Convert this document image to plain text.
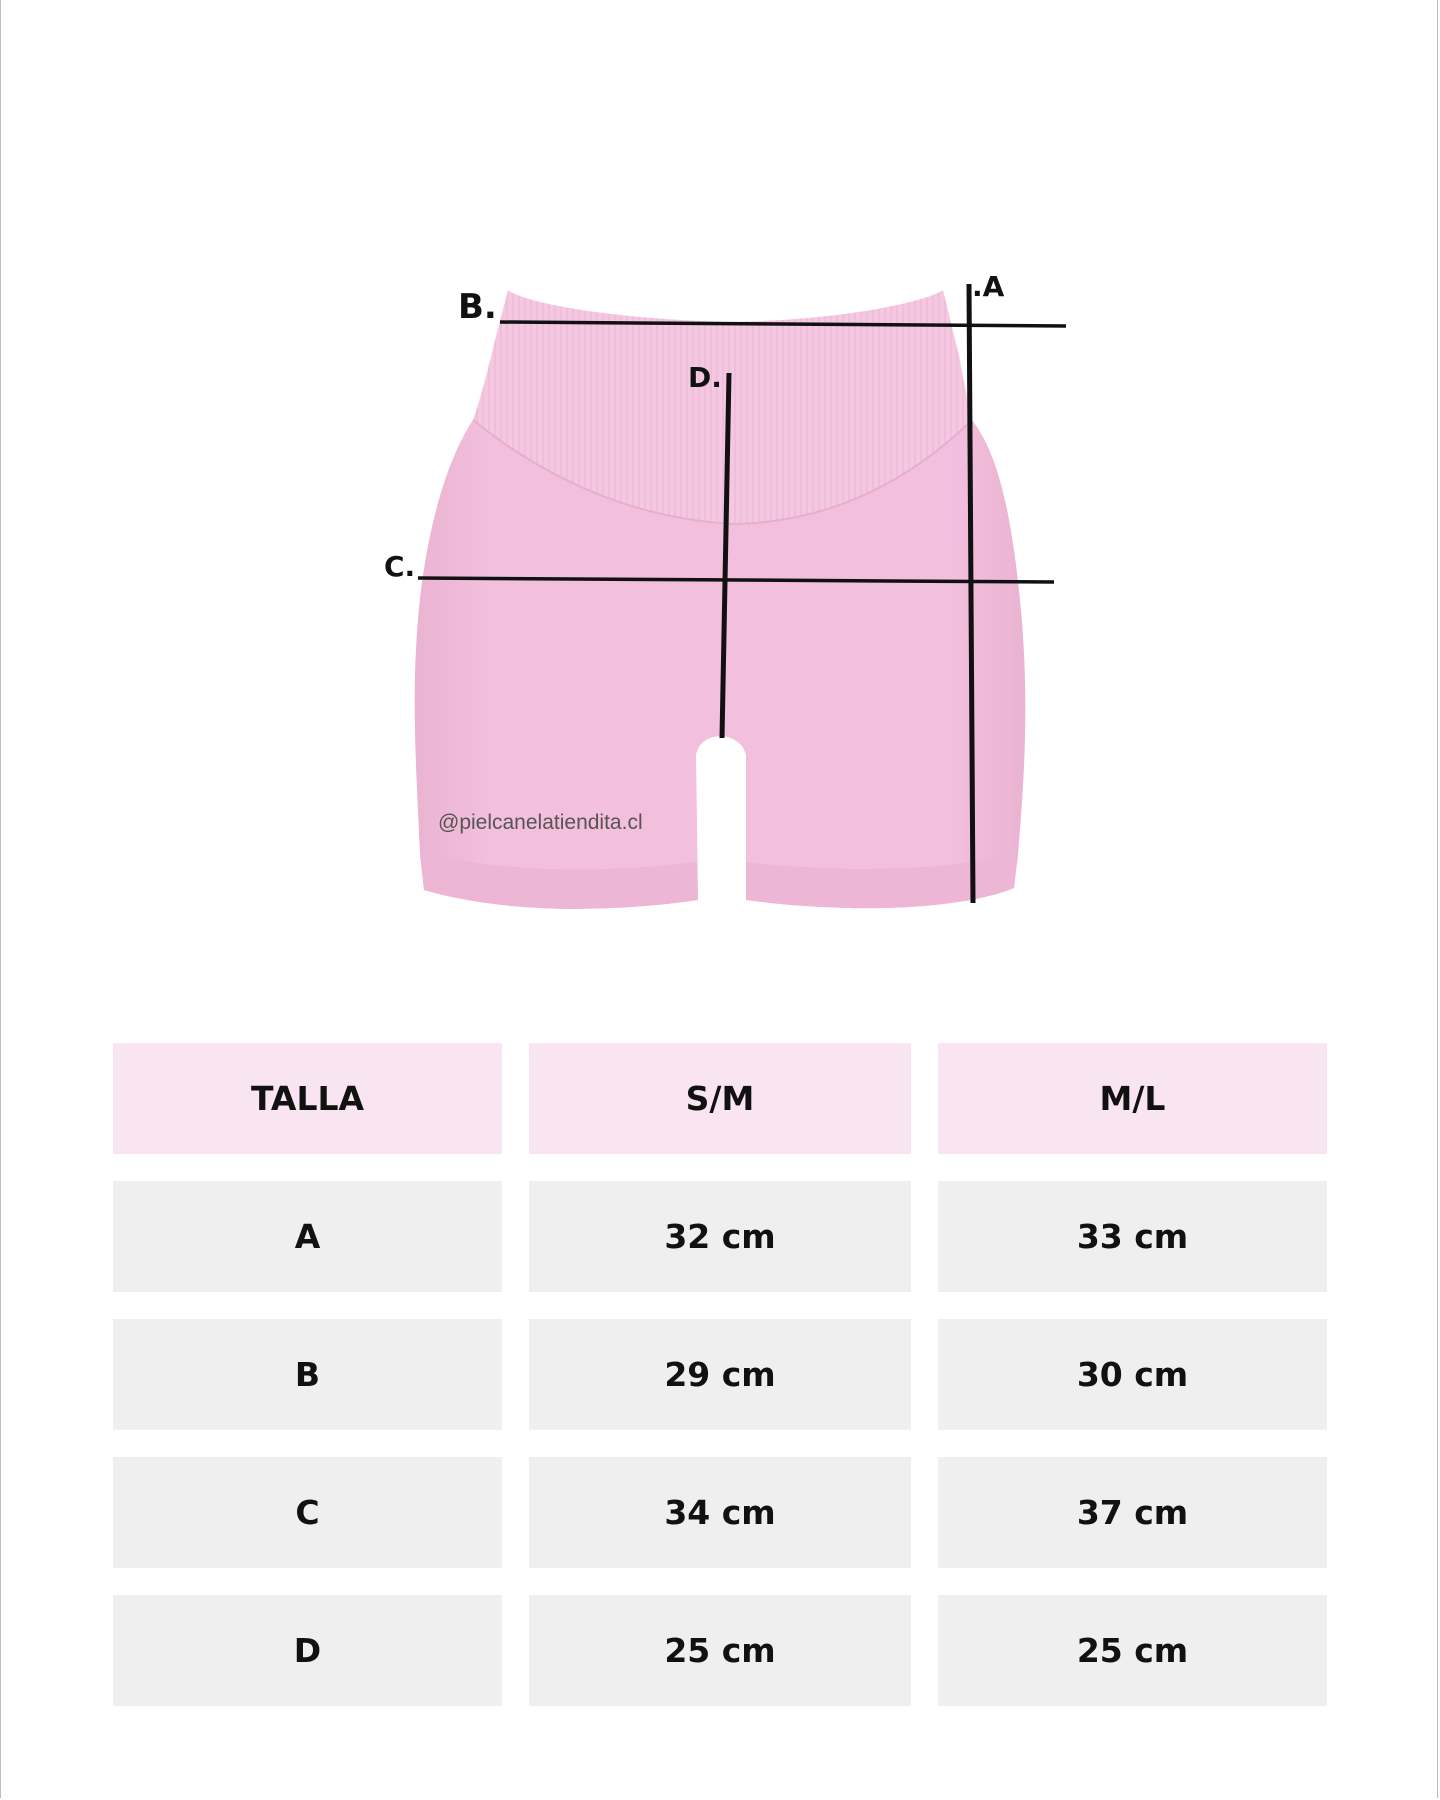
B.
.A
D.
C.
@pielcanelatiendita.cl
TALLA	S/M	M/L
A	32 cm	33 cm
B	29 cm	30 cm
C	34 cm	37 cm
D	25 cm	25 cm
